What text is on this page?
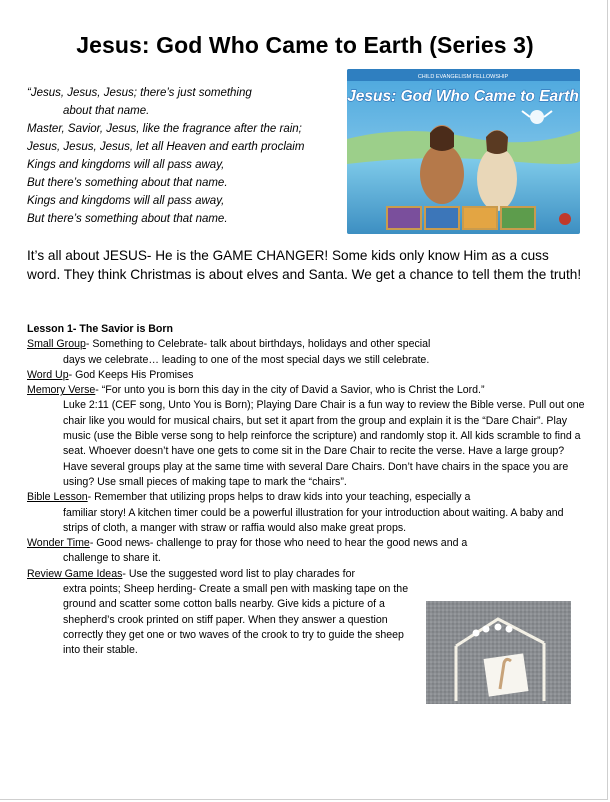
Jesus: God Who Came to Earth (Series 3)
“Jesus, Jesus, Jesus; there’s just something
about that name.
Master, Savior, Jesus, like the fragrance after the rain;
Jesus, Jesus, Jesus, let all Heaven and earth proclaim
Kings and kingdoms will all pass away,
But there’s something about that name.
Kings and kingdoms will all pass away,
But there’s something about that name.
CHILD EVANGELISM FELLOWSHIP
Jesus: God Who Came to Earth
It’s all about JESUS- He is the GAME CHANGER! Some kids only know Him as a cuss word. They think Christmas is about elves and Santa. We get a chance to tell them the truth!
Lesson 1- The Savior is Born
Small Group- Something to Celebrate- talk about birthdays, holidays and other special
days we celebrate… leading to one of the most special days we still celebrate.
Word Up- God Keeps His Promises
Memory Verse- “For unto you is born this day in the city of David a Savior, who is Christ the Lord.”
Luke 2:11 (CEF song, Unto You is Born); Playing Dare Chair is a fun way to review the Bible verse. Pull out one chair like you would for musical chairs, but set it apart from the group and explain it is the “Dare Chair”. Play music (use the Bible verse song to help reinforce the scripture) and randomly stop it. All kids scramble to find a seat. Whoever doesn’t have one gets to come sit in the Dare Chair to recite the verse. Have a large group? Have several groups play at the same time with several Dare Chairs. Don’t have chairs in the space you are using? Use small pieces of making tape to mark the “chairs”.
Bible Lesson- Remember that utilizing props helps to draw kids into your teaching, especially a
familiar story! A kitchen timer could be a powerful illustration for your introduction about waiting. A baby and strips of cloth, a manger with straw or raffia would also make great props.
Wonder Time- Good news- challenge to pray for those who need to hear the good news and a
challenge to share it.
Review Game Ideas- Use the suggested word list to play charades for
extra points; Sheep herding- Create a small pen with masking tape on the ground and scatter some cotton balls nearby. Give kids a picture of a shepherd’s crook printed on stiff paper. When they answer a question correctly they get one or two waves of the crook to try to guide the sheep into their stable.
